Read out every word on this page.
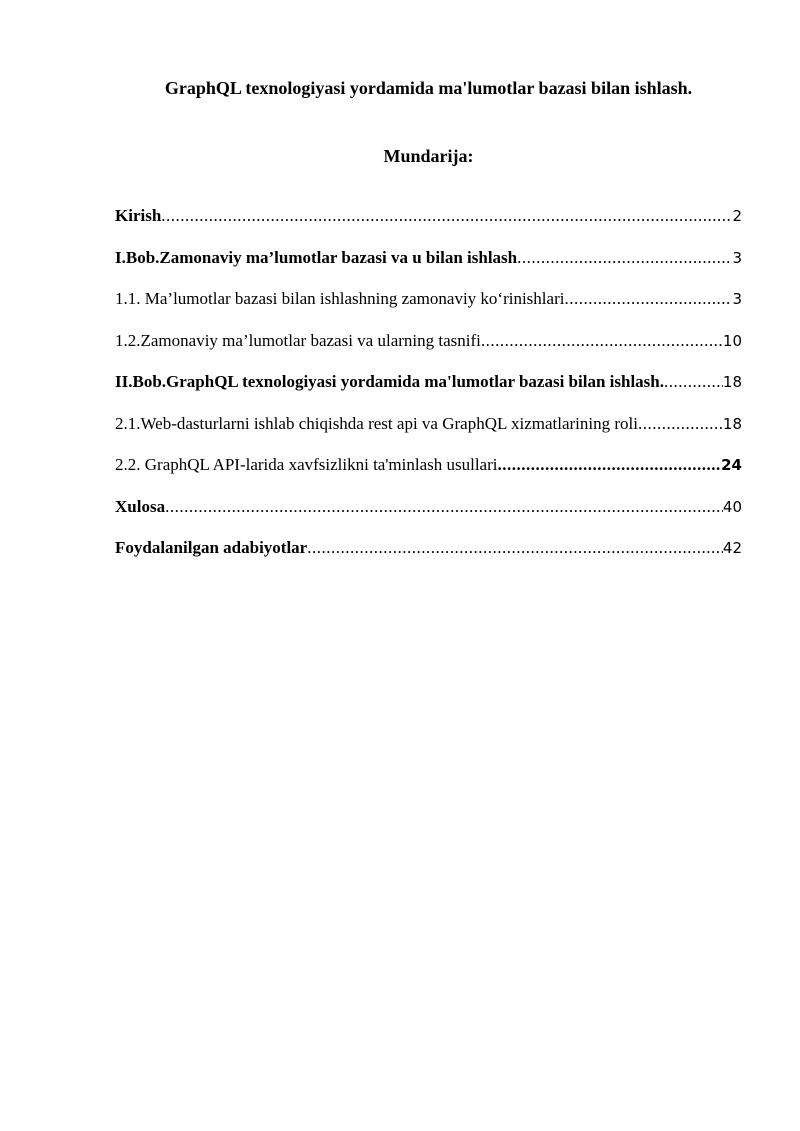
GraphQL texnologiyasi yordamida ma'lumotlar bazasi bilan ishlash.
Mundarija:
Kirish .....	2
I.Bob.Zamonaviy ma’lumotlar bazasi va u bilan ishlash .....	3
1.1. Ma’lumotlar bazasi bilan ishlashning zamonaviy ko‘rinishlari .....	3
1.2.Zamonaviy ma’lumotlar bazasi va ularning tasnifi .....	10
II.Bob.GraphQL texnologiyasi yordamida ma'lumotlar bazasi bilan ishlash. .....	18
2.1.Web-dasturlarni ishlab chiqishda rest api va GraphQL xizmatlarining roli .....	18
2.2. GraphQL API-larida xavfsizlikni ta'minlash usullari .....	24
Xulosa .....	40
Foydalanilgan adabiyotlar .....	42
